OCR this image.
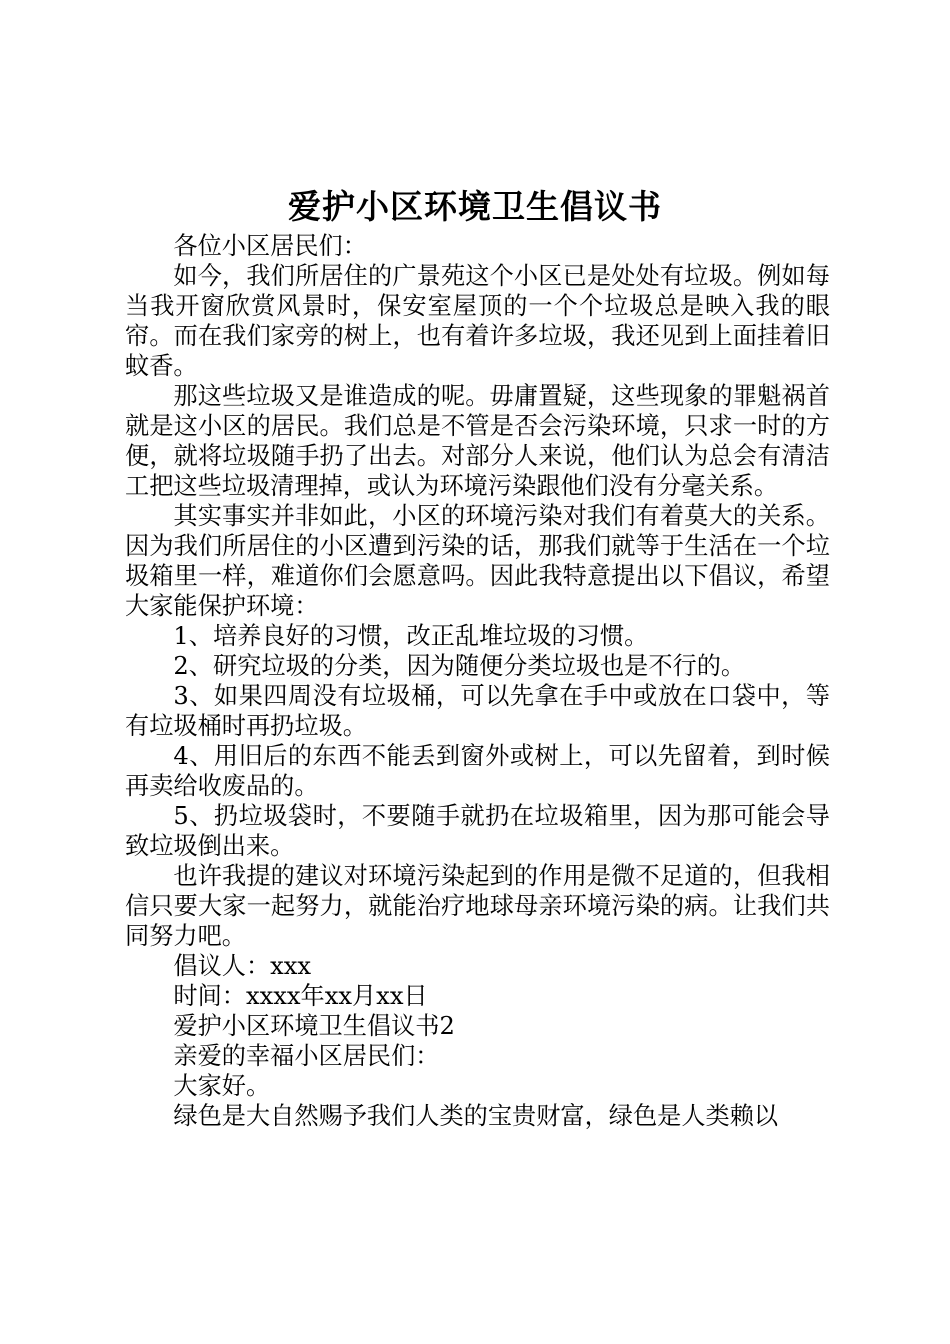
爱护小区环境卫生倡议书

各位小区居民们：

如今，我们所居住的广景苑这个小区已是处处有垃圾。例如每当我开窗欣赏风景时，保安室屋顶的一个个垃圾总是映入我的眼帘。而在我们家旁的树上，也有着许多垃圾，我还见到上面挂着旧蚊香。

那这些垃圾又是谁造成的呢。毋庸置疑，这些现象的罪魁祸首就是这小区的居民。我们总是不管是否会污染环境，只求一时的方便，就将垃圾随手扔了出去。对部分人来说，他们认为总会有清洁工把这些垃圾清理掉，或认为环境污染跟他们没有分毫关系。

其实事实并非如此，小区的环境污染对我们有着莫大的关系。因为我们所居住的小区遭到污染的话，那我们就等于生活在一个垃圾箱里一样，难道你们会愿意吗。因此我特意提出以下倡议，希望大家能保护环境：

1、培养良好的习惯，改正乱堆垃圾的习惯。

2、研究垃圾的分类，因为随便分类垃圾也是不行的。

3、如果四周没有垃圾桶，可以先拿在手中或放在口袋中，等有垃圾桶时再扔垃圾。

4、用旧后的东西不能丢到窗外或树上，可以先留着，到时候再卖给收废品的。

5、扔垃圾袋时，不要随手就扔在垃圾箱里，因为那可能会导致垃圾倒出来。

也许我提的建议对环境污染起到的作用是微不足道的，但我相信只要大家一起努力，就能治疗地球母亲环境污染的病。让我们共同努力吧。

倡议人：xxx

时间：xxxx年xx月xx日

爱护小区环境卫生倡议书2

亲爱的幸福小区居民们：

大家好。

绿色是大自然赐予我们人类的宝贵财富，绿色是人类赖以
